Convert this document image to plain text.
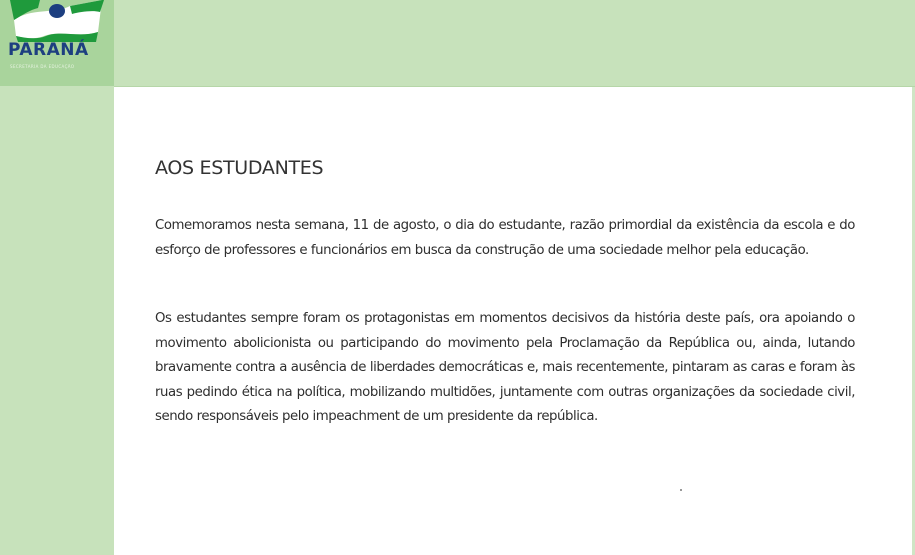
PARANÁ
SECRETARIA DA EDUCAÇÃO
AOS ESTUDANTES

Comemoramos nesta semana, 11 de agosto, o dia do estudante, razão primordial da existência da escola e do esforço de professores e funcionários em busca da construção de uma sociedade melhor pela educação.

Os estudantes sempre foram os protagonistas em momentos decisivos da história deste país, ora apoiando o movimento abolicionista ou participando do movimento pela Proclamação da República ou, ainda, lutando bravamente contra a ausência de liberdades democráticas e, mais recentemente, pintaram as caras e foram às ruas pedindo ética na política, mobilizando multidões, juntamente com outras organizações da sociedade civil, sendo responsáveis pelo impeachment de um presidente da república.
